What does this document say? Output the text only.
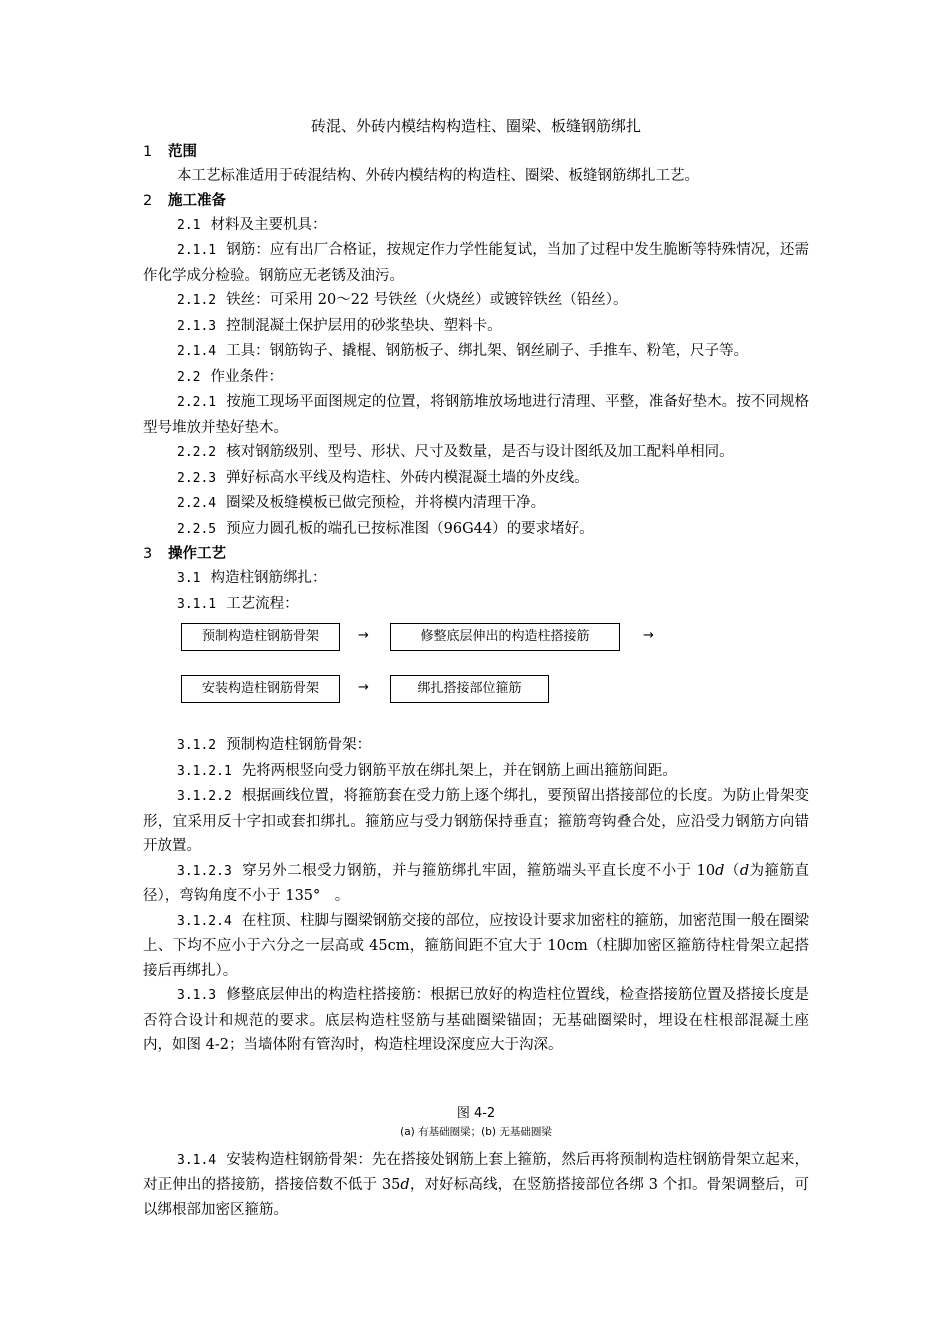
砖混、外砖内模结构构造柱、圈梁、板缝钢筋绑扎
1 范围
本工艺标准适用于砖混结构、外砖内模结构的构造柱、圈梁、板缝钢筋绑扎工艺。
2 施工准备
2.1 材料及主要机具：
2.1.1 钢筋：应有出厂合格证，按规定作力学性能复试，当加了过程中发生脆断等特殊情况，还需作化学成分检验。钢筋应无老锈及油污。
2.1.2 铁丝：可采用 20～22 号铁丝（火烧丝）或镀锌铁丝（铅丝）。
2.1.3 控制混凝土保护层用的砂浆垫块、塑料卡。
2.1.4 工具：钢筋钩子、撬棍、钢筋板子、绑扎架、钢丝刷子、手推车、粉笔，尺子等。
2.2 作业条件：
2.2.1 按施工现场平面图规定的位置，将钢筋堆放场地进行清理、平整，准备好垫木。按不同规格型号堆放并垫好垫木。
2.2.2 核对钢筋级别、型号、形状、尺寸及数量，是否与设计图纸及加工配料单相同。
2.2.3 弹好标高水平线及构造柱、外砖内模混凝土墙的外皮线。
2.2.4 圈梁及板缝模板已做完预检，并将模内清理干净。
2.2.5 预应力圆孔板的端孔已按标准图（96G44）的要求堵好。
3 操作工艺
3.1 构造柱钢筋绑扎：
3.1.1 工艺流程：
预制构造柱钢筋骨架	→	修整底层伸出的构造柱搭接筋	→
安装构造柱钢筋骨架	→	绑扎搭接部位箍筋
3.1.2 预制构造柱钢筋骨架：
3.1.2.1 先将两根竖向受力钢筋平放在绑扎架上，并在钢筋上画出箍筋间距。
3.1.2.2 根据画线位置，将箍筋套在受力筋上逐个绑扎，要预留出搭接部位的长度。为防止骨架变形，宜采用反十字扣或套扣绑扎。箍筋应与受力钢筋保持垂直；箍筋弯钩叠合处，应沿受力钢筋方向错开放置。
3.1.2.3 穿另外二根受力钢筋，并与箍筋绑扎牢固，箍筋端头平直长度不小于 10d（d为箍筋直径），弯钩角度不小于 135°　。
3.1.2.4 在柱顶、柱脚与圈梁钢筋交接的部位，应按设计要求加密柱的箍筋，加密范围一般在圈梁上、下均不应小于六分之一层高或 45cm，箍筋间距不宜大于 10cm（柱脚加密区箍筋待柱骨架立起搭接后再绑扎）。
3.1.3 修整底层伸出的构造柱搭接筋：根据已放好的构造柱位置线，检查搭接筋位置及搭接长度是否符合设计和规范的要求。底层构造柱竖筋与基础圈梁锚固；无基础圈梁时，埋设在柱根部混凝土座内，如图 4-2；当墙体附有管沟时，构造柱埋设深度应大于沟深。
图 4-2
(a) 有基础圈梁；(b) 无基础圈梁
3.1.4 安装构造柱钢筋骨架：先在搭接处钢筋上套上箍筋，然后再将预制构造柱钢筋骨架立起来，对正伸出的搭接筋，搭接倍数不低于 35d，对好标高线，在竖筋搭接部位各绑 3 个扣。骨架调整后，可以绑根部加密区箍筋。
